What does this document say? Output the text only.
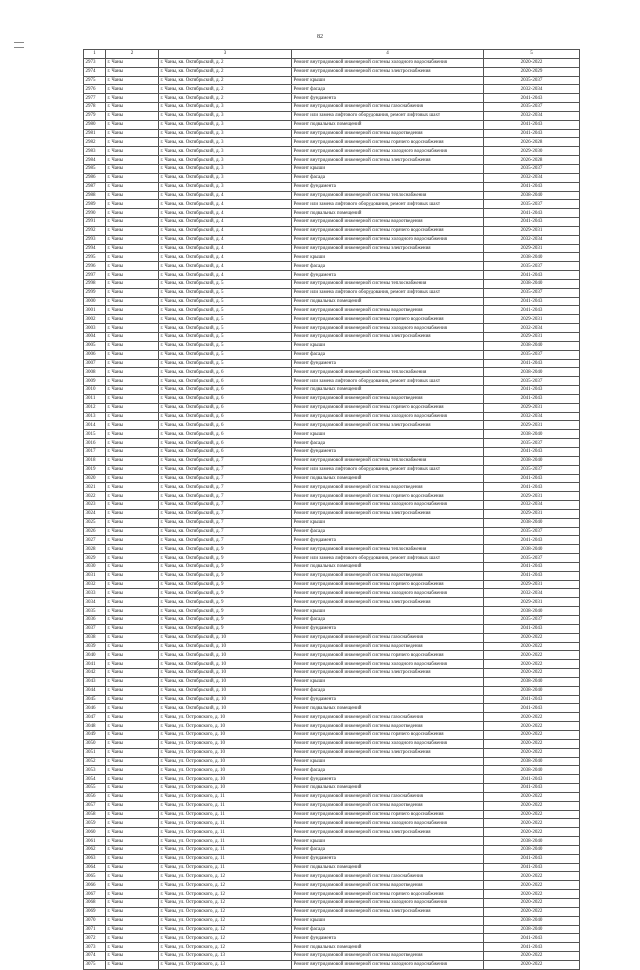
82
1	2	3	4	5
2973	г. Чаны	г. Чаны, кв. Октябрьский, д. 2	Ремонт внутридомовой инженерной системы холодного водоснабжения	2020-2022
2974	г. Чаны	г. Чаны, кв. Октябрьский, д. 2	Ремонт внутридомовой инженерной системы электроснабжения	2020-2029
2975	г. Чаны	г. Чаны, кв. Октябрьский, д. 2	Ремонт крыши	2035-2037
2976	г. Чаны	г. Чаны, кв. Октябрьский, д. 2	Ремонт фасада	2032-2034
2977	г. Чаны	г. Чаны, кв. Октябрьский, д. 2	Ремонт фундамента	2041-2043
2978	г. Чаны	г. Чаны, кв. Октябрьский, д. 3	Ремонт внутридомовой инженерной системы газоснабжения	2035-2037
2979	г. Чаны	г. Чаны, кв. Октябрьский, д. 3	Ремонт или замена лифтового оборудования, ремонт лифтовых шахт	2032-2034
2980	г. Чаны	г. Чаны, кв. Октябрьский, д. 3	Ремонт подвальных помещений	2041-2043
2981	г. Чаны	г. Чаны, кв. Октябрьский, д. 3	Ремонт внутридомовой инженерной системы водоотведения	2041-2043
2982	г. Чаны	г. Чаны, кв. Октябрьский, д. 3	Ремонт внутридомовой инженерной системы горячего водоснабжения	2026-2028
2983	г. Чаны	г. Чаны, кв. Октябрьский, д. 3	Ремонт внутридомовой инженерной системы холодного водоснабжения	2029-2030
2984	г. Чаны	г. Чаны, кв. Октябрьский, д. 3	Ремонт внутридомовой инженерной системы электроснабжения	2026-2028
2985	г. Чаны	г. Чаны, кв. Октябрьский, д. 3	Ремонт крыши	2035-2037
2986	г. Чаны	г. Чаны, кв. Октябрьский, д. 3	Ремонт фасада	2032-2034
2987	г. Чаны	г. Чаны, кв. Октябрьский, д. 3	Ремонт фундамента	2041-2043
2988	г. Чаны	г. Чаны, кв. Октябрьский, д. 4	Ремонт внутридомовой инженерной системы теплоснабжения	2038-2040
2989	г. Чаны	г. Чаны, кв. Октябрьский, д. 4	Ремонт или замена лифтового оборудования, ремонт лифтовых шахт	2035-2037
2990	г. Чаны	г. Чаны, кв. Октябрьский, д. 4	Ремонт подвальных помещений	2041-2043
2991	г. Чаны	г. Чаны, кв. Октябрьский, д. 4	Ремонт внутридомовой инженерной системы водоотведения	2041-2043
2992	г. Чаны	г. Чаны, кв. Октябрьский, д. 4	Ремонт внутридомовой инженерной системы горячего водоснабжения	2029-2031
2993	г. Чаны	г. Чаны, кв. Октябрьский, д. 4	Ремонт внутридомовой инженерной системы холодного водоснабжения	2032-2034
2994	г. Чаны	г. Чаны, кв. Октябрьский, д. 4	Ремонт внутридомовой инженерной системы электроснабжения	2029-2031
2995	г. Чаны	г. Чаны, кв. Октябрьский, д. 4	Ремонт крыши	2038-2040
2996	г. Чаны	г. Чаны, кв. Октябрьский, д. 4	Ремонт фасада	2035-2037
2997	г. Чаны	г. Чаны, кв. Октябрьский, д. 4	Ремонт фундамента	2041-2043
2998	г. Чаны	г. Чаны, кв. Октябрьский, д. 5	Ремонт внутридомовой инженерной системы теплоснабжения	2038-2040
2999	г. Чаны	г. Чаны, кв. Октябрьский, д. 5	Ремонт или замена лифтового оборудования, ремонт лифтовых шахт	2035-2037
3000	г. Чаны	г. Чаны, кв. Октябрьский, д. 5	Ремонт подвальных помещений	2041-2043
3001	г. Чаны	г. Чаны, кв. Октябрьский, д. 5	Ремонт внутридомовой инженерной системы водоотведения	2041-2043
3002	г. Чаны	г. Чаны, кв. Октябрьский, д. 5	Ремонт внутридомовой инженерной системы горячего водоснабжения	2029-2031
3003	г. Чаны	г. Чаны, кв. Октябрьский, д. 5	Ремонт внутридомовой инженерной системы холодного водоснабжения	2032-2034
3004	г. Чаны	г. Чаны, кв. Октябрьский, д. 5	Ремонт внутридомовой инженерной системы электроснабжения	2029-2031
3005	г. Чаны	г. Чаны, кв. Октябрьский, д. 5	Ремонт крыши	2038-2040
3006	г. Чаны	г. Чаны, кв. Октябрьский, д. 5	Ремонт фасада	2035-2037
3007	г. Чаны	г. Чаны, кв. Октябрьский, д. 5	Ремонт фундамента	2041-2043
3008	г. Чаны	г. Чаны, кв. Октябрьский, д. 6	Ремонт внутридомовой инженерной системы теплоснабжения	2038-2040
3009	г. Чаны	г. Чаны, кв. Октябрьский, д. 6	Ремонт или замена лифтового оборудования, ремонт лифтовых шахт	2035-2037
3010	г. Чаны	г. Чаны, кв. Октябрьский, д. 6	Ремонт подвальных помещений	2041-2043
3011	г. Чаны	г. Чаны, кв. Октябрьский, д. 6	Ремонт внутридомовой инженерной системы водоотведения	2041-2043
3012	г. Чаны	г. Чаны, кв. Октябрьский, д. 6	Ремонт внутридомовой инженерной системы горячего водоснабжения	2029-2031
3013	г. Чаны	г. Чаны, кв. Октябрьский, д. 6	Ремонт внутридомовой инженерной системы холодного водоснабжения	2032-2034
3014	г. Чаны	г. Чаны, кв. Октябрьский, д. 6	Ремонт внутридомовой инженерной системы электроснабжения	2029-2031
3015	г. Чаны	г. Чаны, кв. Октябрьский, д. 6	Ремонт крыши	2038-2040
3016	г. Чаны	г. Чаны, кв. Октябрьский, д. 6	Ремонт фасада	2035-2037
3017	г. Чаны	г. Чаны, кв. Октябрьский, д. 6	Ремонт фундамента	2041-2043
3018	г. Чаны	г. Чаны, кв. Октябрьский, д. 7	Ремонт внутридомовой инженерной системы теплоснабжения	2038-2040
3019	г. Чаны	г. Чаны, кв. Октябрьский, д. 7	Ремонт или замена лифтового оборудования, ремонт лифтовых шахт	2035-2037
3020	г. Чаны	г. Чаны, кв. Октябрьский, д. 7	Ремонт подвальных помещений	2041-2043
3021	г. Чаны	г. Чаны, кв. Октябрьский, д. 7	Ремонт внутридомовой инженерной системы водоотведения	2041-2043
3022	г. Чаны	г. Чаны, кв. Октябрьский, д. 7	Ремонт внутридомовой инженерной системы горячего водоснабжения	2029-2031
3023	г. Чаны	г. Чаны, кв. Октябрьский, д. 7	Ремонт внутридомовой инженерной системы холодного водоснабжения	2032-2034
3024	г. Чаны	г. Чаны, кв. Октябрьский, д. 7	Ремонт внутридомовой инженерной системы электроснабжения	2029-2031
3025	г. Чаны	г. Чаны, кв. Октябрьский, д. 7	Ремонт крыши	2038-2040
3026	г. Чаны	г. Чаны, кв. Октябрьский, д. 7	Ремонт фасада	2035-2037
3027	г. Чаны	г. Чаны, кв. Октябрьский, д. 7	Ремонт фундамента	2041-2043
3028	г. Чаны	г. Чаны, кв. Октябрьский, д. 9	Ремонт внутридомовой инженерной системы теплоснабжения	2038-2040
3029	г. Чаны	г. Чаны, кв. Октябрьский, д. 9	Ремонт или замена лифтового оборудования, ремонт лифтовых шахт	2035-2037
3030	г. Чаны	г. Чаны, кв. Октябрьский, д. 9	Ремонт подвальных помещений	2041-2043
3031	г. Чаны	г. Чаны, кв. Октябрьский, д. 9	Ремонт внутридомовой инженерной системы водоотведения	2041-2043
3032	г. Чаны	г. Чаны, кв. Октябрьский, д. 9	Ремонт внутридомовой инженерной системы горячего водоснабжения	2029-2031
3033	г. Чаны	г. Чаны, кв. Октябрьский, д. 9	Ремонт внутридомовой инженерной системы холодного водоснабжения	2032-2034
3034	г. Чаны	г. Чаны, кв. Октябрьский, д. 9	Ремонт внутридомовой инженерной системы электроснабжения	2029-2031
3035	г. Чаны	г. Чаны, кв. Октябрьский, д. 9	Ремонт крыши	2038-2040
3036	г. Чаны	г. Чаны, кв. Октябрьский, д. 9	Ремонт фасада	2035-2037
3037	г. Чаны	г. Чаны, кв. Октябрьский, д. 9	Ремонт фундамента	2041-2043
3038	г. Чаны	г. Чаны, кв. Октябрьский, д. 10	Ремонт внутридомовой инженерной системы газоснабжения	2020-2022
3039	г. Чаны	г. Чаны, кв. Октябрьский, д. 10	Ремонт внутридомовой инженерной системы водоотведения	2020-2022
3040	г. Чаны	г. Чаны, кв. Октябрьский, д. 10	Ремонт внутридомовой инженерной системы горячего водоснабжения	2020-2022
3041	г. Чаны	г. Чаны, кв. Октябрьский, д. 10	Ремонт внутридомовой инженерной системы холодного водоснабжения	2020-2022
3042	г. Чаны	г. Чаны, кв. Октябрьский, д. 10	Ремонт внутридомовой инженерной системы электроснабжения	2020-2022
3043	г. Чаны	г. Чаны, кв. Октябрьский, д. 10	Ремонт крыши	2038-2040
3044	г. Чаны	г. Чаны, кв. Октябрьский, д. 10	Ремонт фасада	2038-2040
3045	г. Чаны	г. Чаны, кв. Октябрьский, д. 10	Ремонт фундамента	2041-2043
3046	г. Чаны	г. Чаны, кв. Октябрьский, д. 10	Ремонт подвальных помещений	2041-2043
3047	г. Чаны	г. Чаны, ул. Островского, д. 10	Ремонт внутридомовой инженерной системы газоснабжения	2020-2022
3048	г. Чаны	г. Чаны, ул. Островского, д. 10	Ремонт внутридомовой инженерной системы водоотведения	2020-2022
3049	г. Чаны	г. Чаны, ул. Островского, д. 10	Ремонт внутридомовой инженерной системы горячего водоснабжения	2020-2022
3050	г. Чаны	г. Чаны, ул. Островского, д. 10	Ремонт внутридомовой инженерной системы холодного водоснабжения	2020-2022
3051	г. Чаны	г. Чаны, ул. Островского, д. 10	Ремонт внутридомовой инженерной системы электроснабжения	2020-2022
3052	г. Чаны	г. Чаны, ул. Островского, д. 10	Ремонт крыши	2038-2040
3053	г. Чаны	г. Чаны, ул. Островского, д. 10	Ремонт фасада	2038-2040
3054	г. Чаны	г. Чаны, ул. Островского, д. 10	Ремонт фундамента	2041-2043
3055	г. Чаны	г. Чаны, ул. Островского, д. 10	Ремонт подвальных помещений	2041-2043
3056	г. Чаны	г. Чаны, ул. Островского, д. 11	Ремонт внутридомовой инженерной системы газоснабжения	2020-2022
3057	г. Чаны	г. Чаны, ул. Островского, д. 11	Ремонт внутридомовой инженерной системы водоотведения	2020-2022
3058	г. Чаны	г. Чаны, ул. Островского, д. 11	Ремонт внутридомовой инженерной системы горячего водоснабжения	2020-2022
3059	г. Чаны	г. Чаны, ул. Островского, д. 11	Ремонт внутридомовой инженерной системы холодного водоснабжения	2020-2022
3060	г. Чаны	г. Чаны, ул. Островского, д. 11	Ремонт внутридомовой инженерной системы электроснабжения	2020-2022
3061	г. Чаны	г. Чаны, ул. Островского, д. 11	Ремонт крыши	2038-2040
3062	г. Чаны	г. Чаны, ул. Островского, д. 11	Ремонт фасада	2038-2040
3063	г. Чаны	г. Чаны, ул. Островского, д. 11	Ремонт фундамента	2041-2043
3064	г. Чаны	г. Чаны, ул. Островского, д. 11	Ремонт подвальных помещений	2041-2043
3065	г. Чаны	г. Чаны, ул. Островского, д. 12	Ремонт внутридомовой инженерной системы газоснабжения	2020-2022
3066	г. Чаны	г. Чаны, ул. Островского, д. 12	Ремонт внутридомовой инженерной системы водоотведения	2020-2022
3067	г. Чаны	г. Чаны, ул. Островского, д. 12	Ремонт внутридомовой инженерной системы горячего водоснабжения	2020-2022
3068	г. Чаны	г. Чаны, ул. Островского, д. 12	Ремонт внутридомовой инженерной системы холодного водоснабжения	2020-2022
3069	г. Чаны	г. Чаны, ул. Островского, д. 12	Ремонт внутридомовой инженерной системы электроснабжения	2020-2022
3070	г. Чаны	г. Чаны, ул. Островского, д. 12	Ремонт крыши	2038-2040
3071	г. Чаны	г. Чаны, ул. Островского, д. 12	Ремонт фасада	2038-2040
3072	г. Чаны	г. Чаны, ул. Островского, д. 12	Ремонт фундамента	2041-2043
3073	г. Чаны	г. Чаны, ул. Островского, д. 12	Ремонт подвальных помещений	2041-2043
3074	г. Чаны	г. Чаны, ул. Островского, д. 13	Ремонт внутридомовой инженерной системы водоотведения	2020-2022
3075	г. Чаны	г. Чаны, ул. Островского, д. 13	Ремонт внутридомовой инженерной системы холодного водоснабжения	2020-2022
